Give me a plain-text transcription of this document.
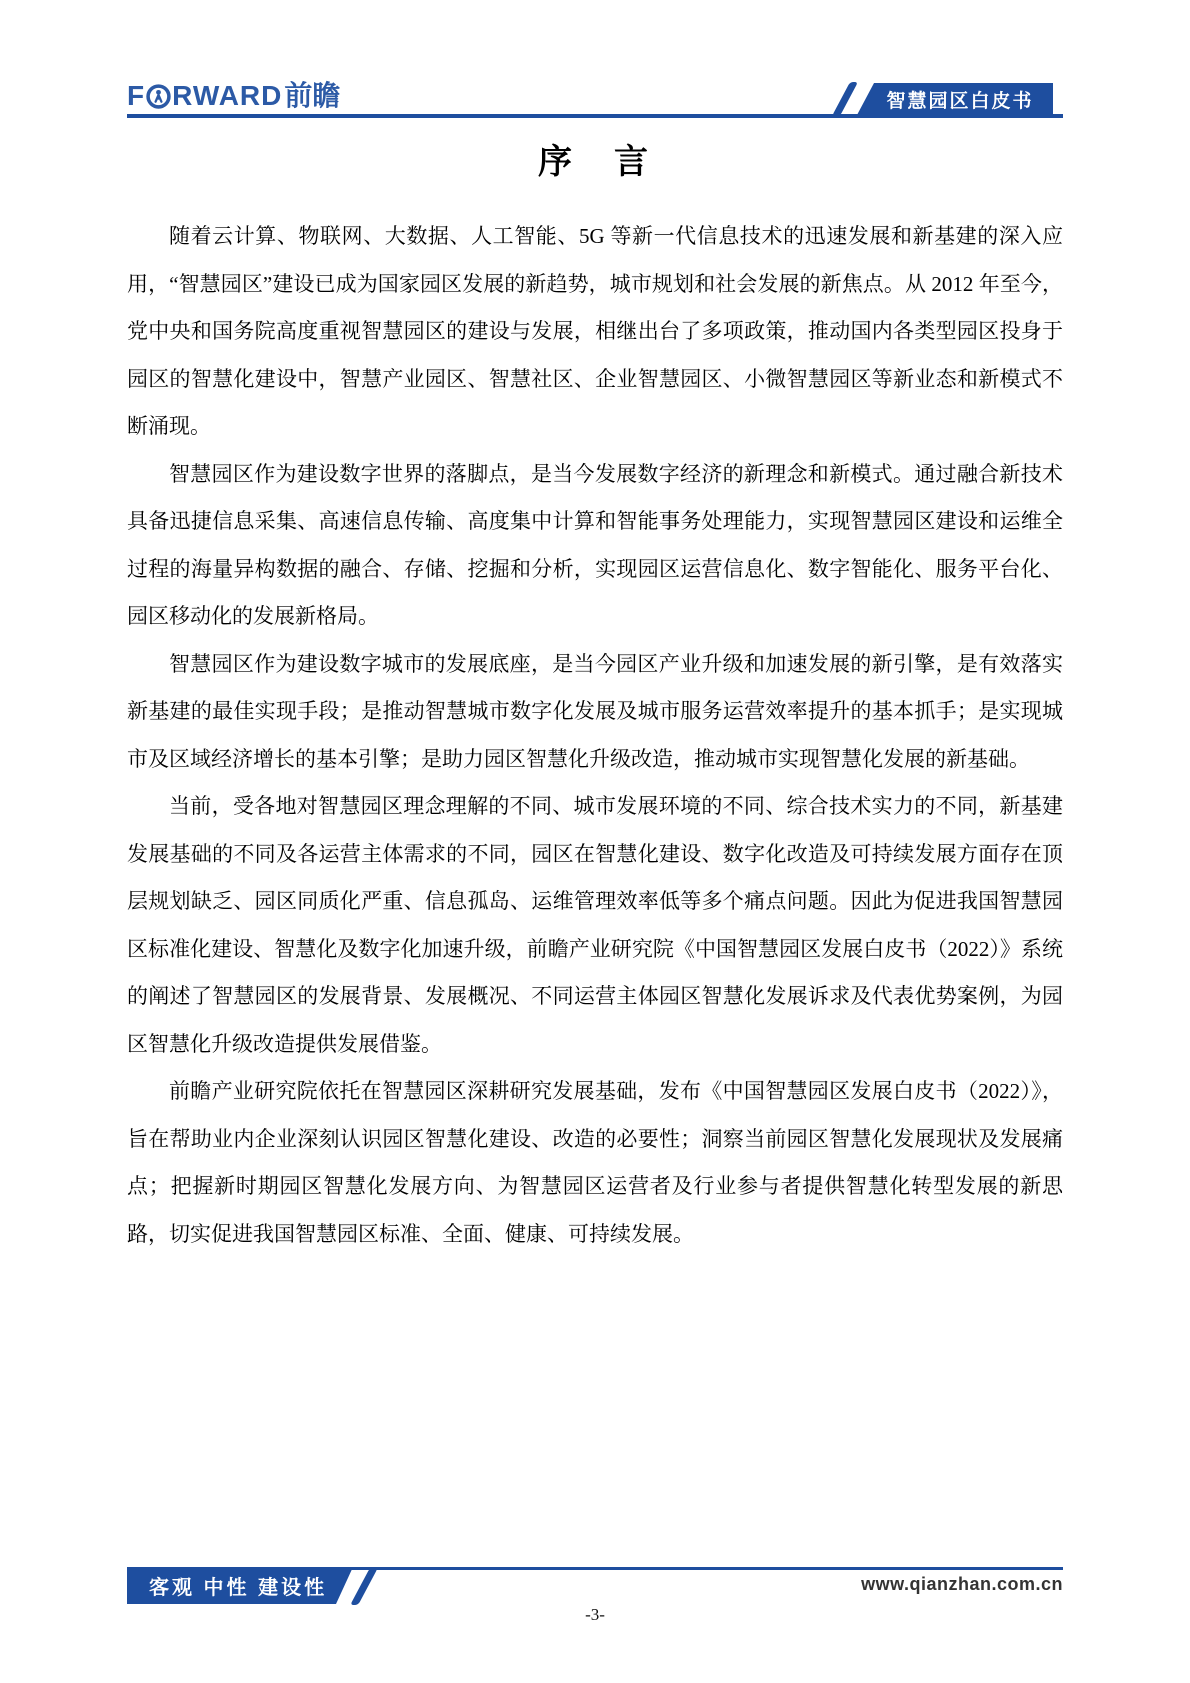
F RWARD 前瞻	智慧园区白皮书
序　言

随着云计算、物联网、大数据、人工智能、5G 等新一代信息技术的迅速发展和新基建的深入应用，“智慧园区”建设已成为国家园区发展的新趋势，城市规划和社会发展的新焦点。从 2012 年至今，党中央和国务院高度重视智慧园区的建设与发展，相继出台了多项政策，推动国内各类型园区投身于园区的智慧化建设中，智慧产业园区、智慧社区、企业智慧园区、小微智慧园区等新业态和新模式不断涌现。

智慧园区作为建设数字世界的落脚点，是当今发展数字经济的新理念和新模式。通过融合新技术具备迅捷信息采集、高速信息传输、高度集中计算和智能事务处理能力，实现智慧园区建设和运维全过程的海量异构数据的融合、存储、挖掘和分析，实现园区运营信息化、数字智能化、服务平台化、园区移动化的发展新格局。

智慧园区作为建设数字城市的发展底座，是当今园区产业升级和加速发展的新引擎，是有效落实新基建的最佳实现手段；是推动智慧城市数字化发展及城市服务运营效率提升的基本抓手；是实现城市及区域经济增长的基本引擎；是助力园区智慧化升级改造，推动城市实现智慧化发展的新基础。

当前，受各地对智慧园区理念理解的不同、城市发展环境的不同、综合技术实力的不同，新基建发展基础的不同及各运营主体需求的不同，园区在智慧化建设、数字化改造及可持续发展方面存在顶层规划缺乏、园区同质化严重、信息孤岛、运维管理效率低等多个痛点问题。因此为促进我国智慧园区标准化建设、智慧化及数字化加速升级，前瞻产业研究院《中国智慧园区发展白皮书（2022）》系统的阐述了智慧园区的发展背景、发展概况、不同运营主体园区智慧化发展诉求及代表优势案例，为园区智慧化升级改造提供发展借鉴。

前瞻产业研究院依托在智慧园区深耕研究发展基础，发布《中国智慧园区发展白皮书（2022）》，旨在帮助业内企业深刻认识园区智慧化建设、改造的必要性；洞察当前园区智慧化发展现状及发展痛点；把握新时期园区智慧化发展方向、为智慧园区运营者及行业参与者提供智慧化转型发展的新思路，切实促进我国智慧园区标准、全面、健康、可持续发展。

客观 中性 建设性	www.qianzhan.com.cn
-3-
